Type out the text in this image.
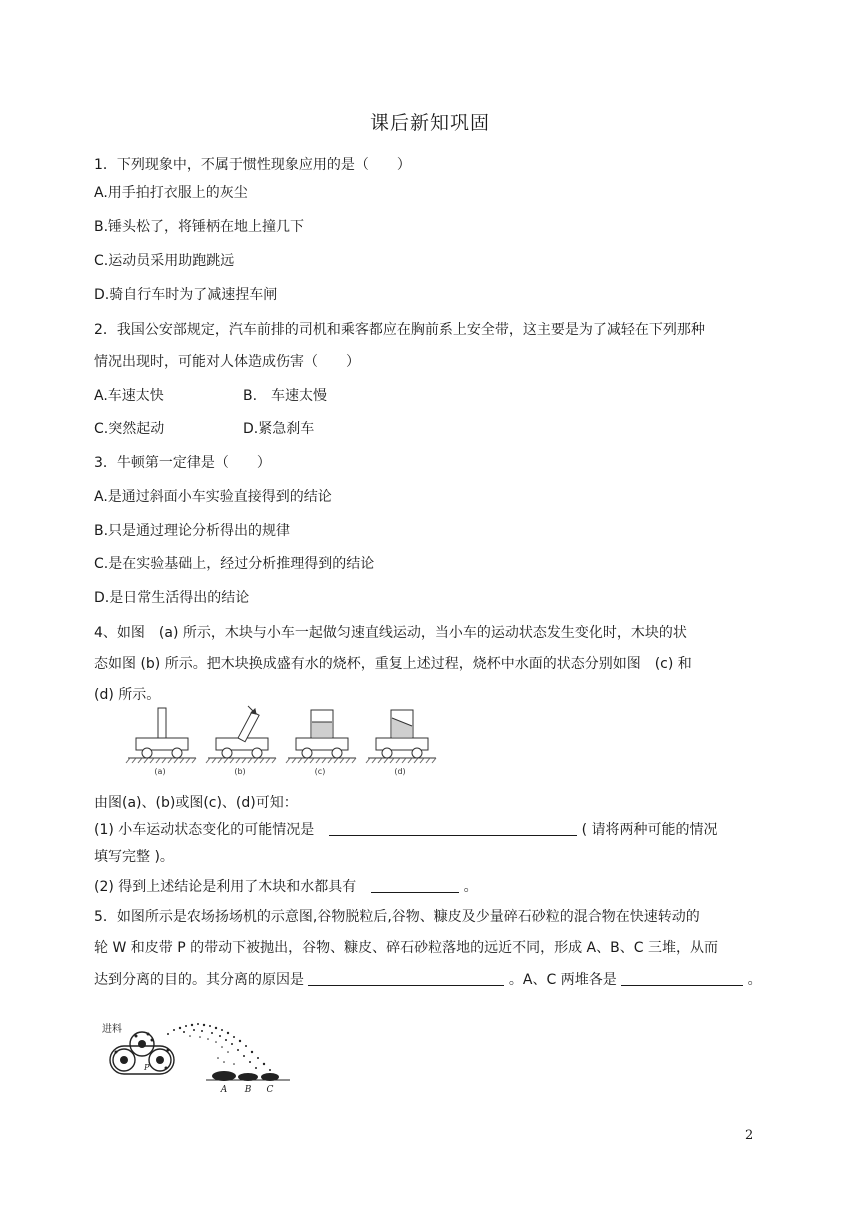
课后新知巩固
1．下列现象中，不属于惯性现象应用的是（　　）
A.用手拍打衣服上的灰尘
B.锤头松了，将锤柄在地上撞几下
C.运动员采用助跑跳远
D.骑自行车时为了减速捏车闸
2．我国公安部规定，汽车前排的司机和乘客都应在胸前系上安全带，这主要是为了减轻在下列那种
情况出现时，可能对人体造成伤害（　　）
A.车速太快	B.　车速太慢
C.突然起动	D.紧急刹车
3．牛顿第一定律是（　　）
A.是通过斜面小车实验直接得到的结论
B.只是通过理论分析得出的规律
C.是在实验基础上，经过分析推理得到的结论
D.是日常生活得出的结论
4、如图　(a) 所示，木块与小车一起做匀速直线运动，当小车的运动状态发生变化时，木块的状
态如图 (b) 所示。把木块换成盛有水的烧杯，重复上述过程，烧杯中水面的状态分别如图　(c) 和
(d) 所示。
(a)	(b)	(c)	(d)
由图(a)、(b)或图(c)、(d)可知：
(1) 小车运动状态变化的可能情况是	( 请将两种可能的情况
填写完整 )。
(2) 得到上述结论是利用了木块和水都具有	。
5．如图所示是农场扬场机的示意图,谷物脱粒后,谷物、糠皮及少量碎石砂粒的混合物在快速转动的
轮 W 和皮带 P 的带动下被抛出，谷物、糠皮、碎石砂粒落地的远近不同，形成 A、B、C 三堆，从而
达到分离的目的。其分离的原因是	。A、C 两堆各是	。
进料
P
A B C
2
